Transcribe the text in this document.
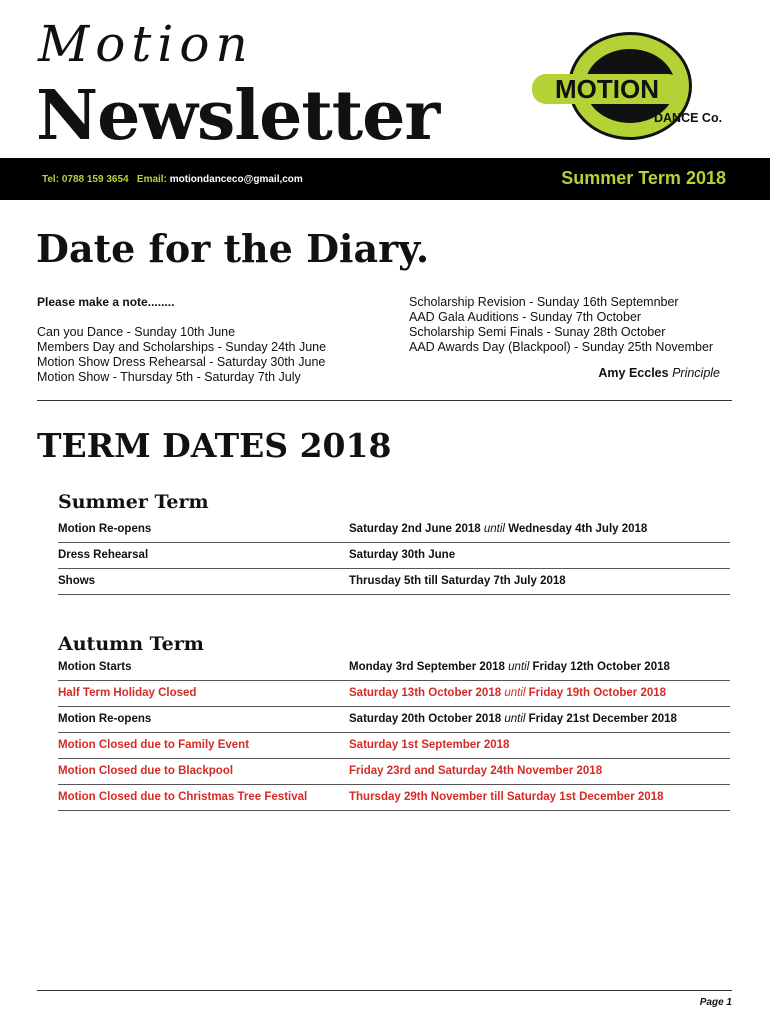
Motion
Newsletter	MOTION
DANCE Co.
Tel: 0788 159 3654 Email: motiondanceco@gmail,com	Summer Term 2018
Date for the Diary.
Please make a note........
Can you Dance - Sunday 10th June
Members Day and Scholarships - Sunday 24th June
Motion Show Dress Rehearsal - Saturday 30th June
Motion Show - Thursday 5th - Saturday 7th July
Scholarship Revision - Sunday 16th Septemnber
AAD Gala Auditions - Sunday 7th October
Scholarship Semi Finals - Sunay 28th October
AAD Awards Day (Blackpool) - Sunday 25th November
Amy Eccles Principle
TERM DATES 2018
Summer Term
Motion Re-opens	Saturday 2nd June 2018 until Wednesday 4th July 2018
Dress Rehearsal	Saturday 30th June
Shows	Thrusday 5th till Saturday 7th July 2018
Autumn Term
Motion Starts	Monday 3rd September 2018 until Friday 12th October 2018
Half Term Holiday Closed	Saturday 13th October 2018 until Friday 19th October 2018
Motion Re-opens	Saturday 20th October 2018 until Friday 21st December 2018
Motion Closed due to Family Event	Saturday 1st September 2018
Motion Closed due to Blackpool	Friday 23rd and Saturday 24th November 2018
Motion Closed due to Christmas Tree Festival	Thursday 29th November till Saturday 1st December 2018
Page 1
